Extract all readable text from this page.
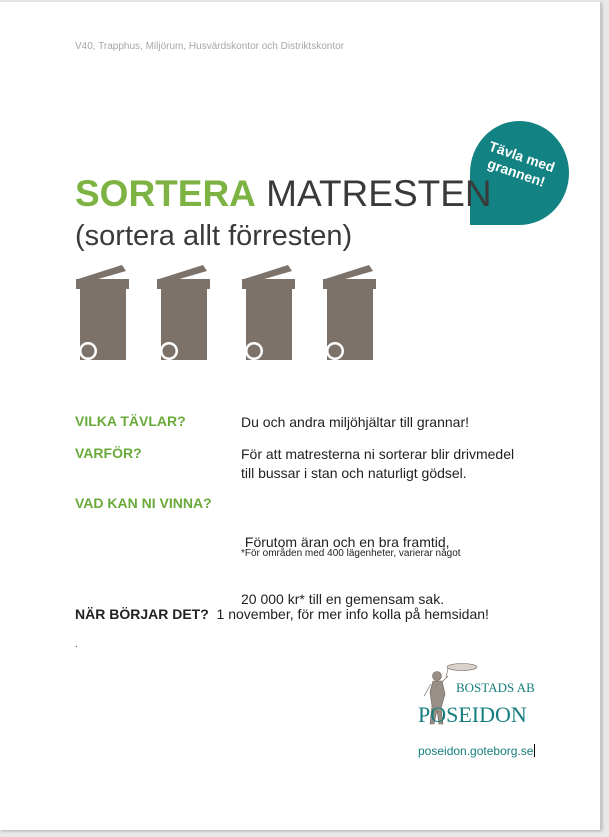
V40, Trapphus, Miljörum, Husvärdskontor och Distriktskontor
Tävla med grannen!
SORTERA MATRESTEN
(sortera allt förresten)
VILKA TÄVLAR?	Du och andra miljöhjältar till grannar!
VARFÖR?	För att matresterna ni sorterar blir drivmedel
till bussar i stan och naturligt gödsel.
VAD KAN NI VINNA?

Förutom äran och en bra framtid,

20 000 kr* till en gemensam sak.

*För områden med 400 lägenheter, varierar något
NÄR BÖRJAR DET?  1 november, för mer info kolla på hemsidan!
.
BOSTADS AB
POSEIDON
poseidon.goteborg.se
